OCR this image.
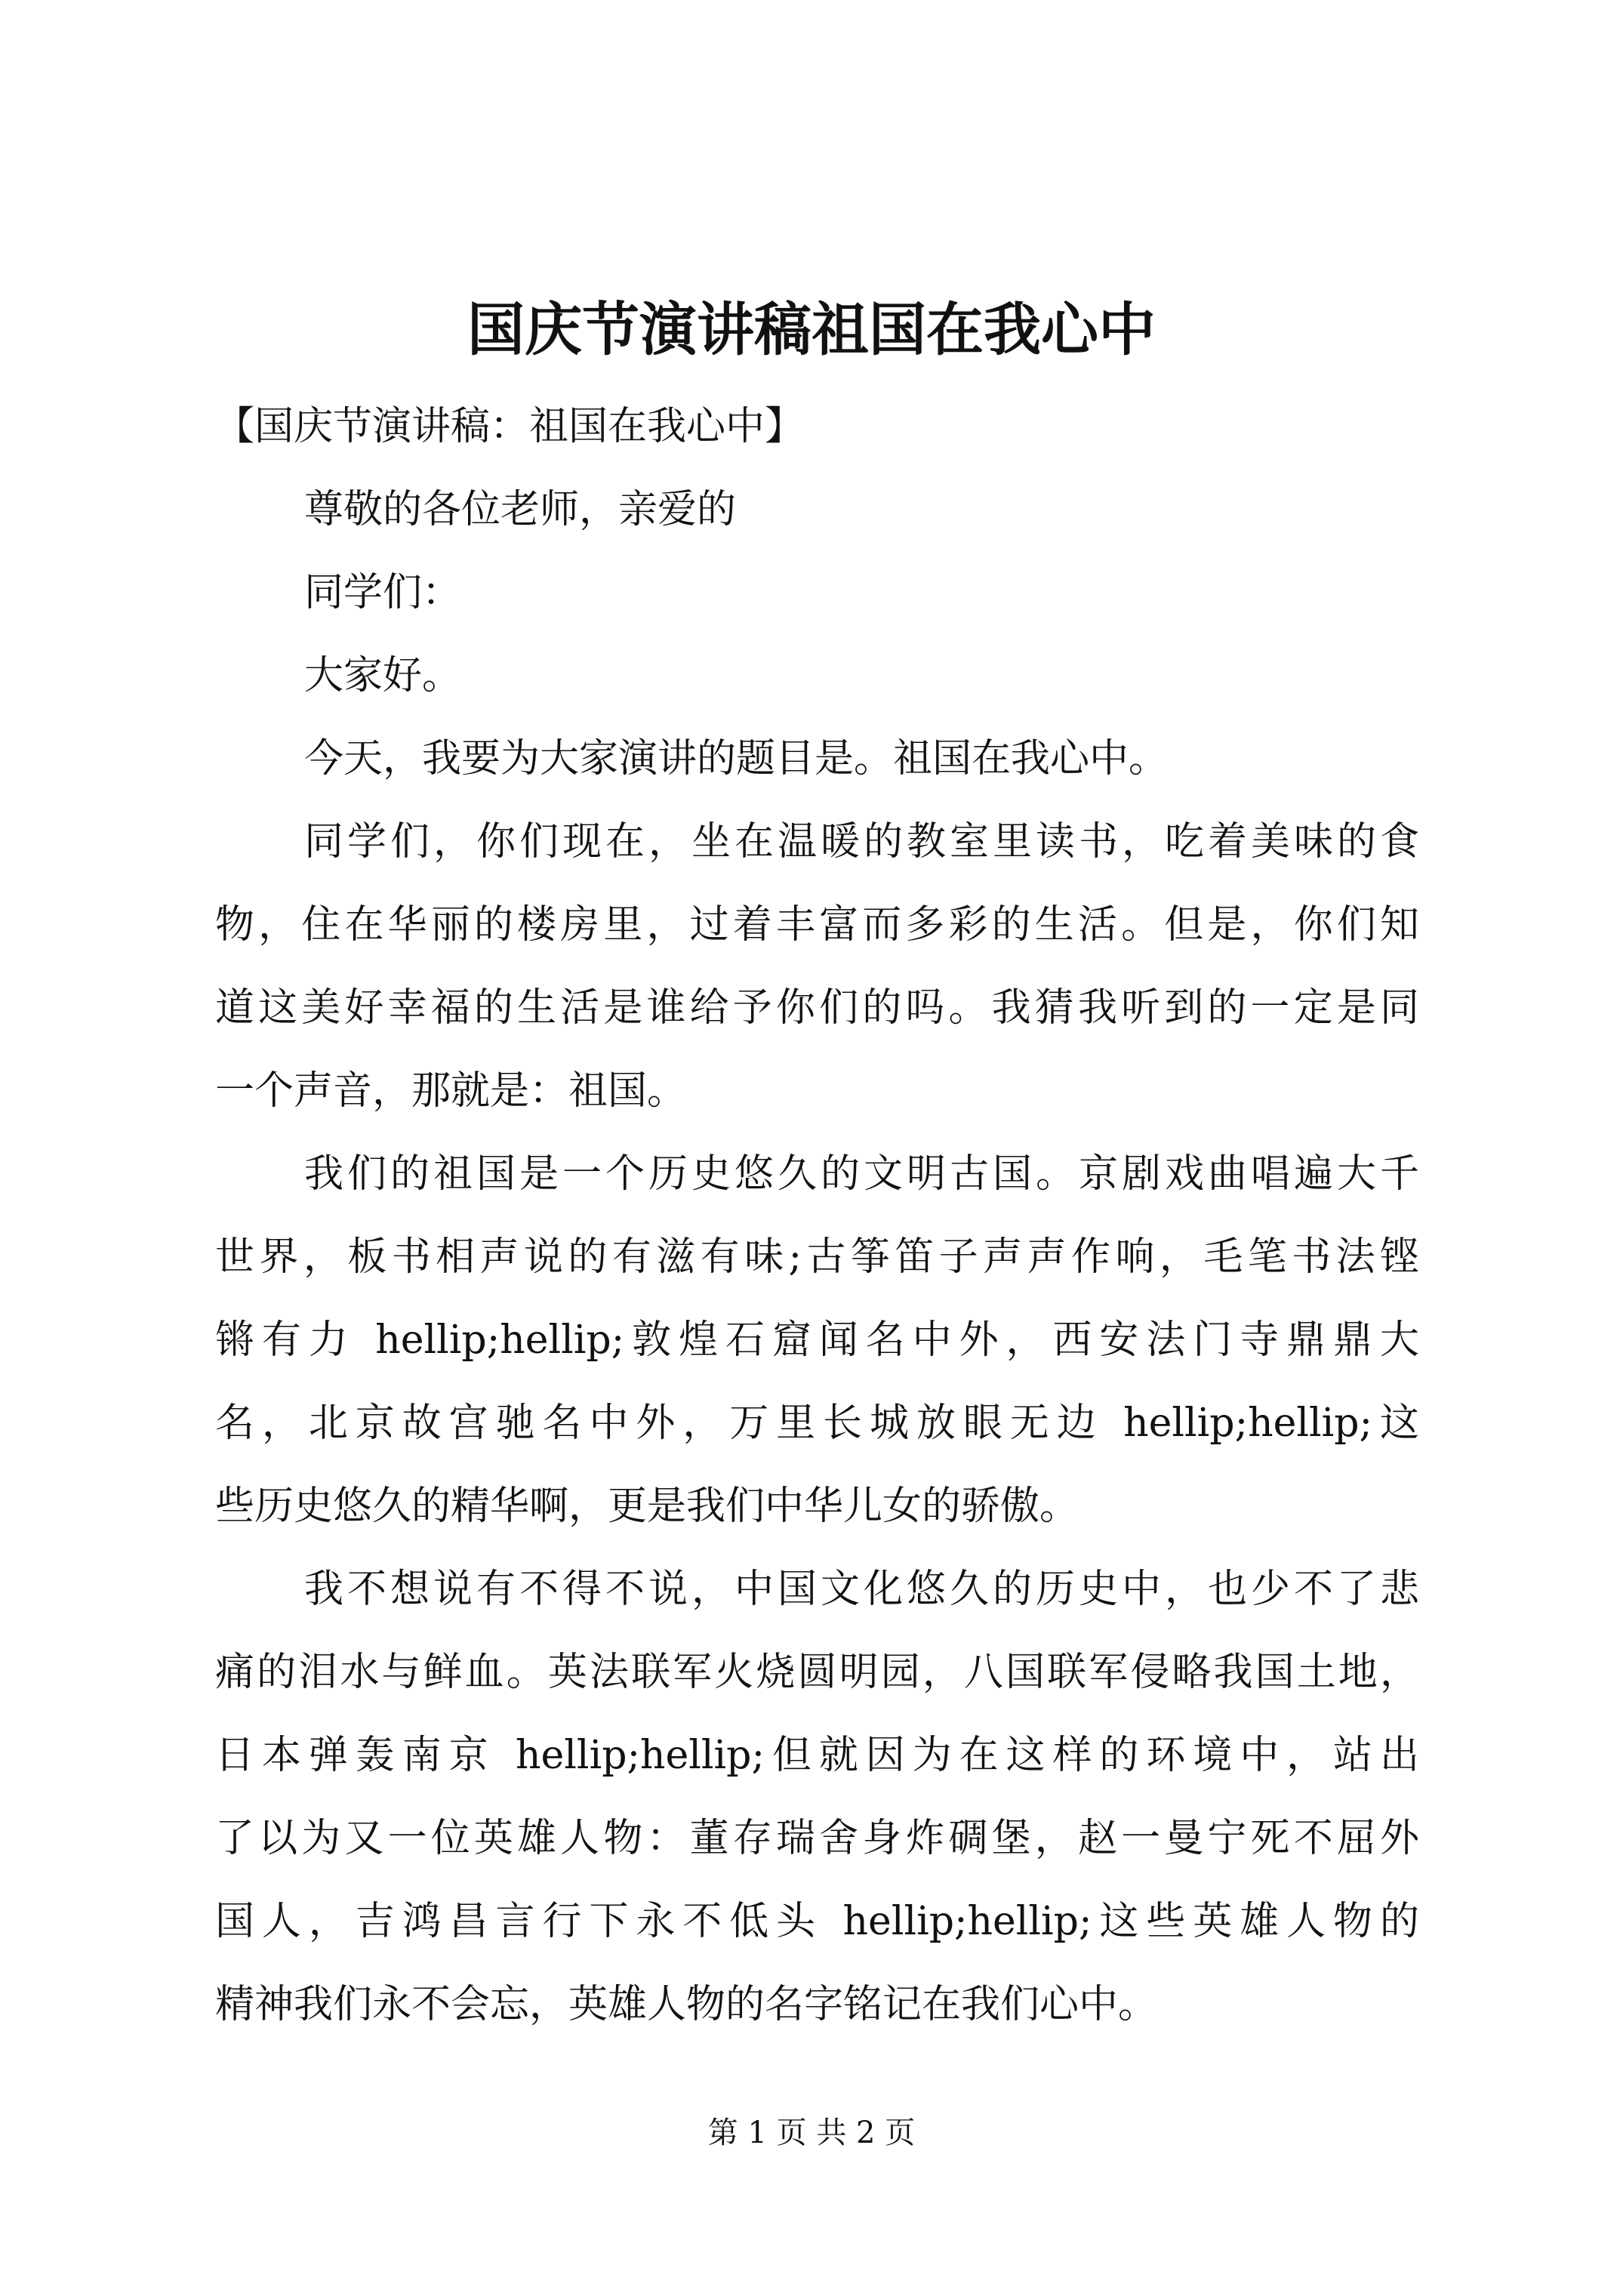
国庆节演讲稿祖国在我心中

【国庆节演讲稿：祖国在我心中】

尊敬的各位老师，亲爱的

同学们：

大家好。

今天，我要为大家演讲的题目是。祖国在我心中。

同学们，你们现在，坐在温暖的教室里读书，吃着美味的食

物，住在华丽的楼房里，过着丰富而多彩的生活。但是，你们知

道这美好幸福的生活是谁给予你们的吗。我猜我听到的一定是同

一个声音，那就是：祖国。

我们的祖国是一个历史悠久的文明古国。京剧戏曲唱遍大千

世界，板书相声说的有滋有味;古筝笛子声声作响，毛笔书法铿

锵有力 hellip;hellip;敦煌石窟闻名中外，西安法门寺鼎鼎大

名，北京故宫驰名中外，万里长城放眼无边 hellip;hellip;这

些历史悠久的精华啊，更是我们中华儿女的骄傲。

我不想说有不得不说，中国文化悠久的历史中，也少不了悲

痛的泪水与鲜血。英法联军火烧圆明园，八国联军侵略我国土地，

日本弹轰南京 hellip;hellip;但就因为在这样的环境中，站出

了以为又一位英雄人物：董存瑞舍身炸碉堡，赵一曼宁死不屈外

国人，吉鸿昌言行下永不低头 hellip;hellip;这些英雄人物的

精神我们永不会忘，英雄人物的名字铭记在我们心中。

第 1 页 共 2 页
